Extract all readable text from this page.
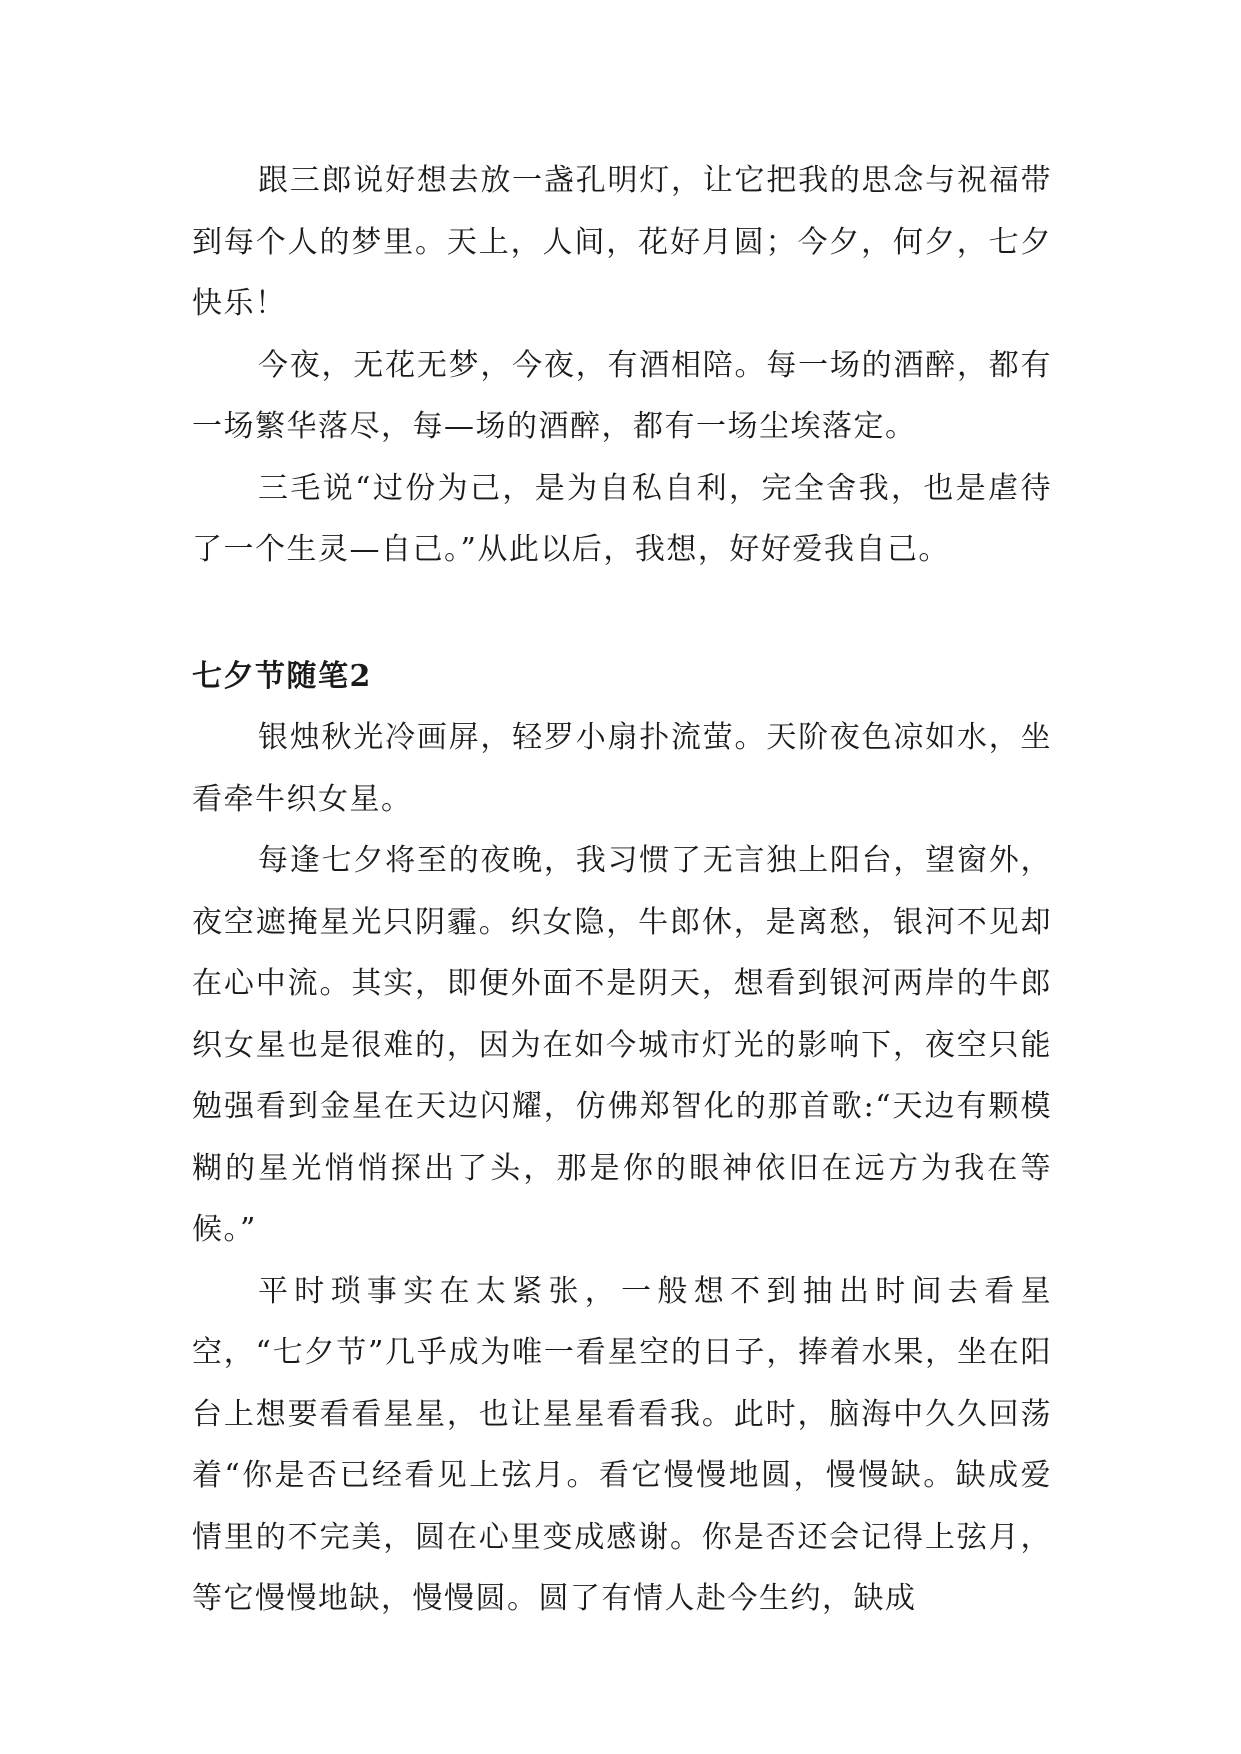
跟三郎说好想去放一盏孔明灯，让它把我的思念与祝福带到每个人的梦里。天上，人间，花好月圆；今夕，何夕，七夕快乐！

今夜，无花无梦，今夜，有酒相陪。每一场的酒醉，都有一场繁华落尽，每—场的酒醉，都有一场尘埃落定。

三毛说“过份为己，是为自私自利，完全舍我，也是虐待了一个生灵—自己。”从此以后，我想，好好爱我自己。

七夕节随笔2

银烛秋光冷画屏，轻罗小扇扑流萤。天阶夜色凉如水，坐看牵牛织女星。

每逢七夕将至的夜晚，我习惯了无言独上阳台，望窗外，夜空遮掩星光只阴霾。织女隐，牛郎休，是离愁，银河不见却在心中流。其实，即便外面不是阴天，想看到银河两岸的牛郎织女星也是很难的，因为在如今城市灯光的影响下，夜空只能勉强看到金星在天边闪耀，仿佛郑智化的那首歌:“天边有颗模糊的星光悄悄探出了头，那是你的眼神依旧在远方为我在等候。”

平时琐事实在太紧张，一般想不到抽出时间去看星空，“七夕节”几乎成为唯一看星空的日子，捧着水果，坐在阳台上想要看看星星，也让星星看看我。此时，脑海中久久回荡着“你是否已经看见上弦月。看它慢慢地圆，慢慢缺。缺成爱情里的不完美，圆在心里变成感谢。你是否还会记得上弦月，等它慢慢地缺，慢慢圆。圆了有情人赴今生约，缺成
